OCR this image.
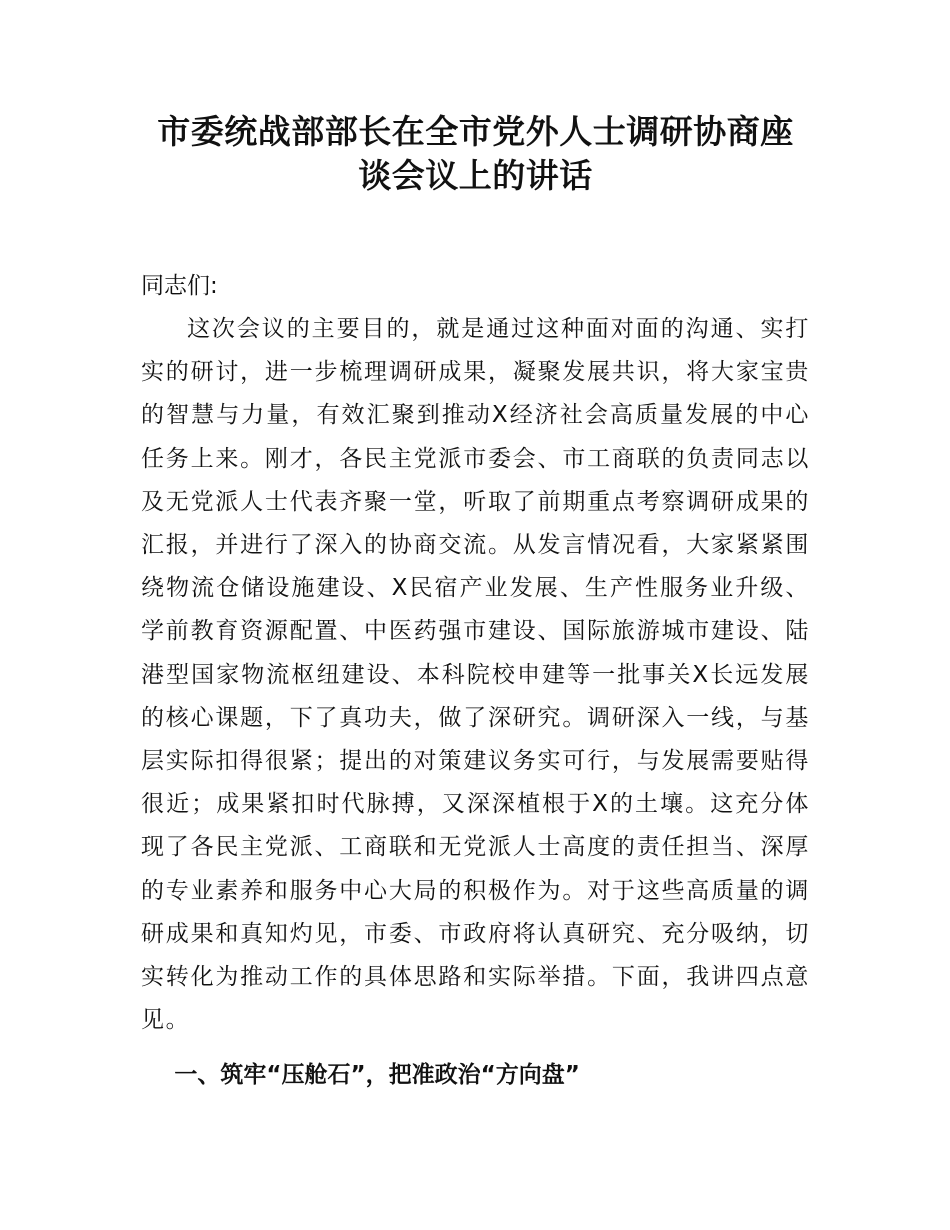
市委统战部部长在全市党外人士调研协商座谈会议上的讲话
同志们:
这次会议的主要目的，就是通过这种面对面的沟通、实打实的研讨，进一步梳理调研成果，凝聚发展共识，将大家宝贵的智慧与力量，有效汇聚到推动X经济社会高质量发展的中心任务上来。刚才，各民主党派市委会、市工商联的负责同志以及无党派人士代表齐聚一堂，听取了前期重点考察调研成果的汇报，并进行了深入的协商交流。从发言情况看，大家紧紧围绕物流仓储设施建设、X民宿产业发展、生产性服务业升级、学前教育资源配置、中医药强市建设、国际旅游城市建设、陆港型国家物流枢纽建设、本科院校申建等一批事关X长远发展的核心课题，下了真功夫，做了深研究。调研深入一线，与基层实际扣得很紧；提出的对策建议务实可行，与发展需要贴得很近；成果紧扣时代脉搏，又深深植根于X的土壤。这充分体现了各民主党派、工商联和无党派人士高度的责任担当、深厚的专业素养和服务中心大局的积极作为。对于这些高质量的调研成果和真知灼见，市委、市政府将认真研究、充分吸纳，切实转化为推动工作的具体思路和实际举措。下面，我讲四点意见。
一、筑牢“压舱石”，把准政治“方向盘”
